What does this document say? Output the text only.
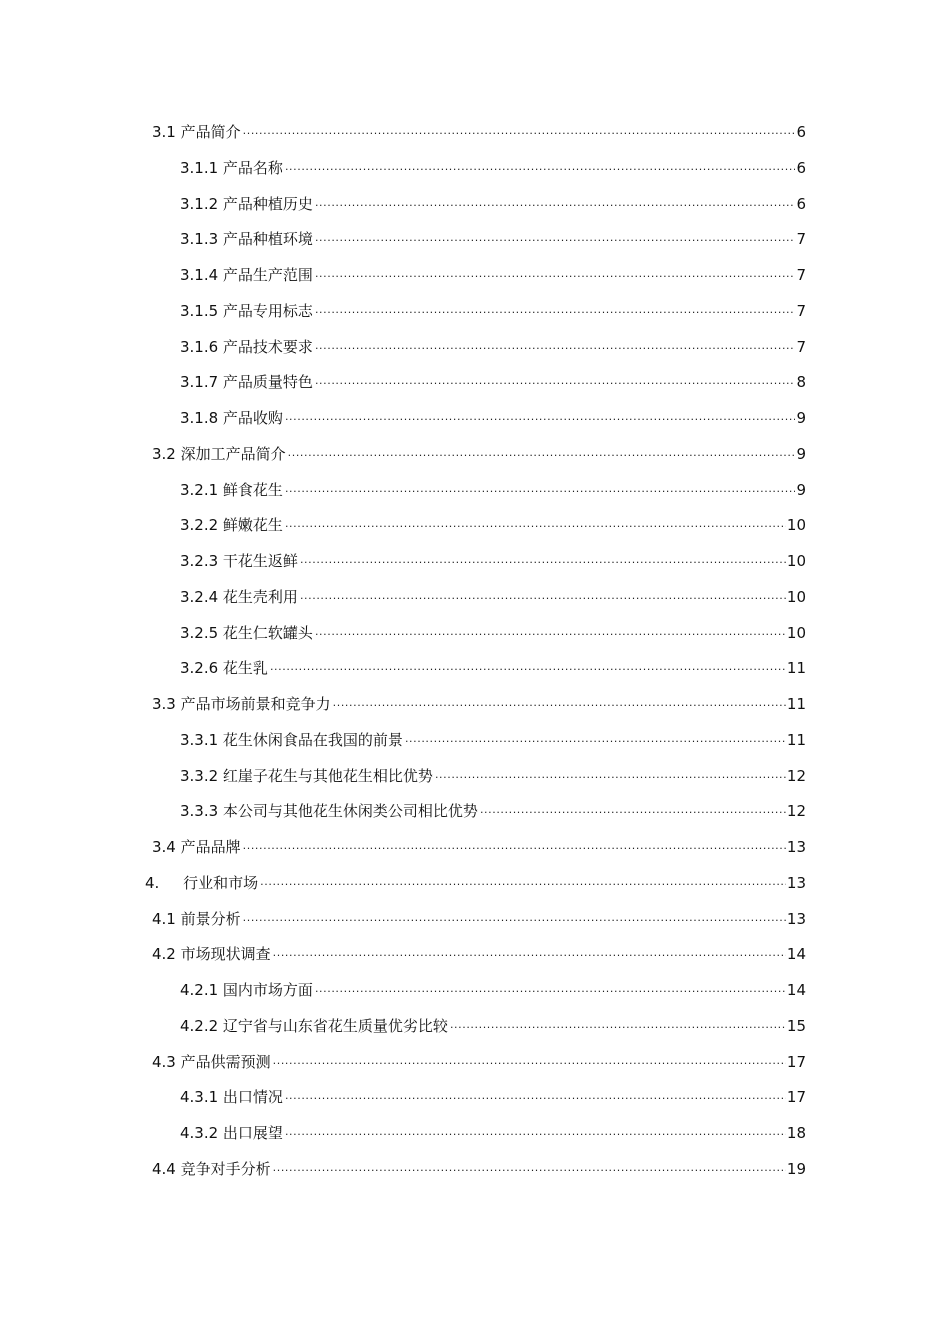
3.1 产品简介 .....	6
3.1.1 产品名称 .....	6
3.1.2 产品种植历史 .....	6
3.1.3 产品种植环境 .....	7
3.1.4 产品生产范围 .....	7
3.1.5 产品专用标志 .....	7
3.1.6 产品技术要求 .....	7
3.1.7 产品质量特色 .....	8
3.1.8 产品收购 .....	9
3.2 深加工产品简介 .....	9
3.2.1 鲜食花生 .....	9
3.2.2 鲜嫩花生 .....	10
3.2.3 干花生返鲜 .....	10
3.2.4 花生壳利用 .....	10
3.2.5 花生仁软罐头 .....	10
3.2.6 花生乳 .....	11
3.3 产品市场前景和竞争力 .....	11
3.3.1 花生休闲食品在我国的前景 .....	11
3.3.2 红崖子花生与其他花生相比优势 .....	12
3.3.3 本公司与其他花生休闲类公司相比优势 .....	12
3.4 产品品牌 .....	13
4.     行业和市场 .....	13
4.1 前景分析 .....	13
4.2 市场现状调查 .....	14
4.2.1 国内市场方面 .....	14
4.2.2 辽宁省与山东省花生质量优劣比较 .....	15
4.3 产品供需预测 .....	17
4.3.1 出口情况 .....	17
4.3.2 出口展望 .....	18
4.4 竞争对手分析 .....	19
